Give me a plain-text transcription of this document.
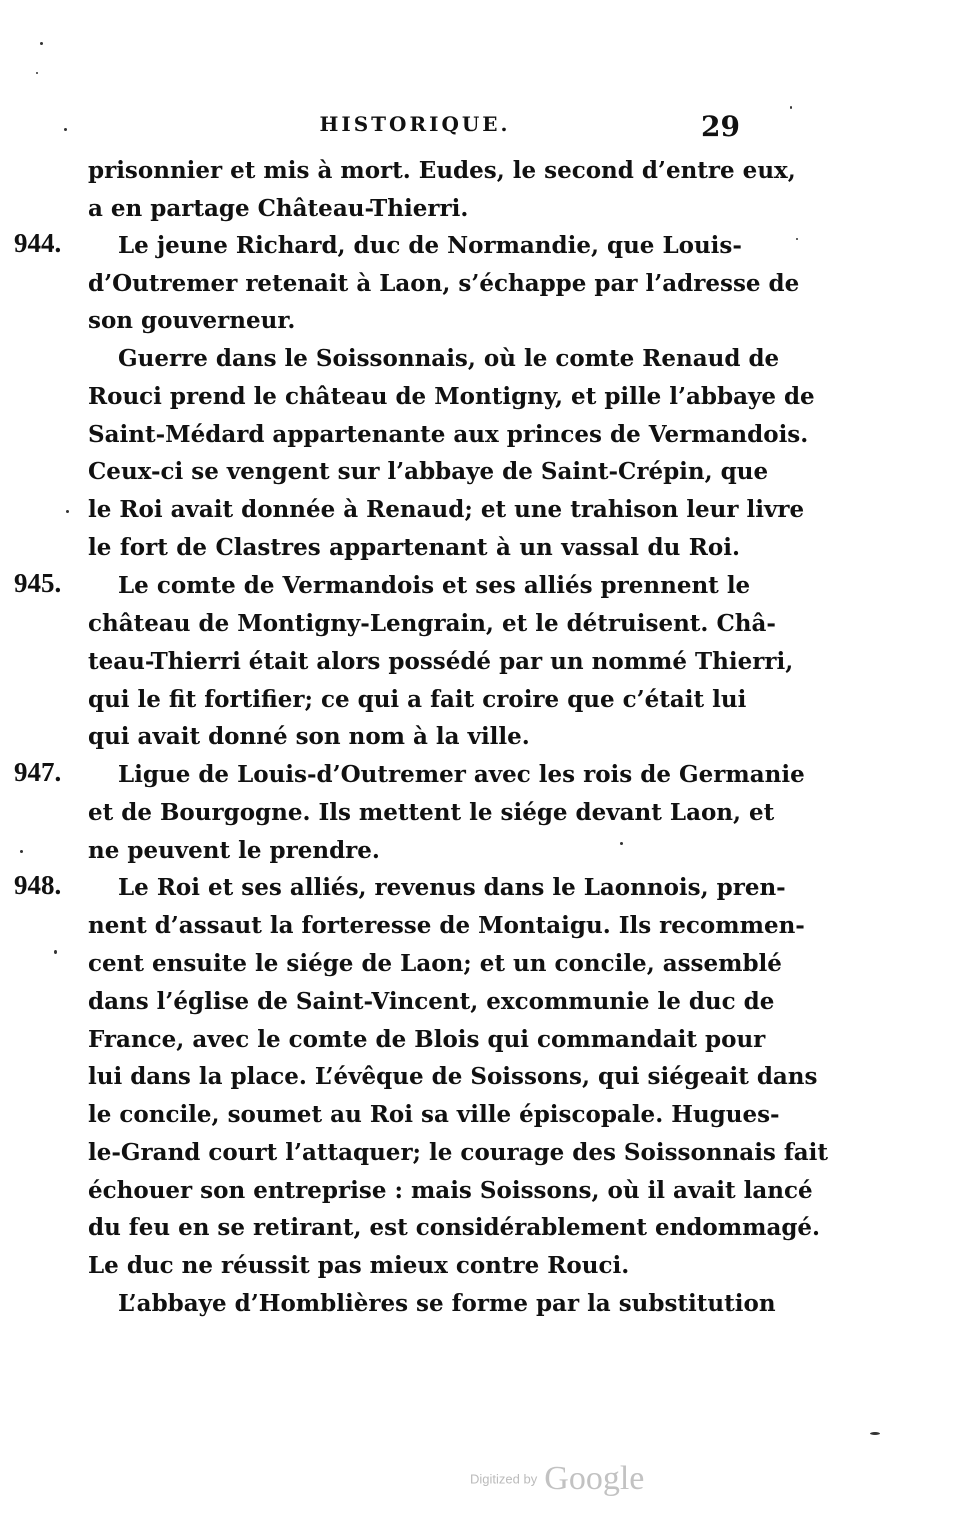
HISTORIQUE.	29
944.
945.
947.
948.
prisonnier et mis à mort. Eudes, le second d’entre eux,
a en partage Château-Thierri.
Le jeune Richard, duc de Normandie, que Louis-
d’Outremer retenait à Laon, s’échappe par l’adresse de
son gouverneur.
Guerre dans le Soissonnais, où le comte Renaud de
Rouci prend le château de Montigny, et pille l’abbaye de
Saint-Médard appartenante aux princes de Vermandois.
Ceux-ci se vengent sur l’abbaye de Saint-Crépin, que
le Roi avait donnée à Renaud; et une trahison leur livre
le fort de Clastres appartenant à un vassal du Roi.
Le comte de Vermandois et ses alliés prennent le
château de Montigny-Lengrain, et le détruisent. Châ-
teau-Thierri était alors possédé par un nommé Thierri,
qui le fit fortifier; ce qui a fait croire que c’était lui
qui avait donné son nom à la ville.
Ligue de Louis-d’Outremer avec les rois de Germanie
et de Bourgogne. Ils mettent le siége devant Laon, et
ne peuvent le prendre.
Le Roi et ses alliés, revenus dans le Laonnois, pren-
nent d’assaut la forteresse de Montaigu. Ils recommen-
cent ensuite le siége de Laon; et un concile, assemblé
dans l’église de Saint-Vincent, excommunie le duc de
France, avec le comte de Blois qui commandait pour
lui dans la place. L’évêque de Soissons, qui siégeait dans
le concile, soumet au Roi sa ville épiscopale. Hugues-
le-Grand court l’attaquer; le courage des Soissonnais fait
échouer son entreprise : mais Soissons, où il avait lancé
du feu en se retirant, est considérablement endommagé.
Le duc ne réussit pas mieux contre Rouci.
L’abbaye d’Homblières se forme par la substitution
Digitized by Google
